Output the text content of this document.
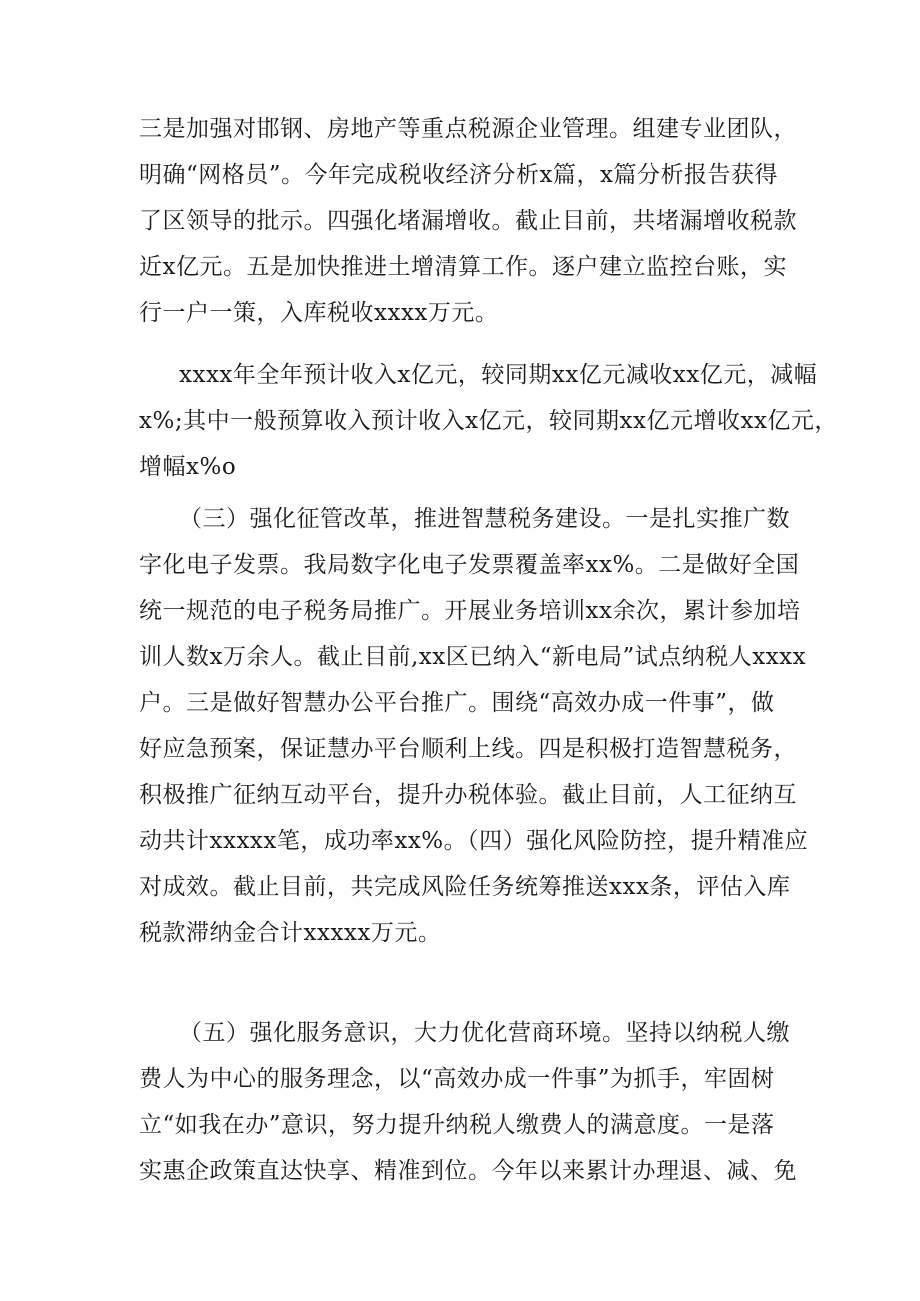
三是加强对邯钢、房地产等重点税源企业管理。组建专业团队，
明确“网格员”。今年完成税收经济分析x篇，x篇分析报告获得
了区领导的批示。四强化堵漏增收。截止目前，共堵漏增收税款
近x亿元。五是加快推进土增清算工作。逐户建立监控台账，实
行一户一策，入库税收xxxx万元。
xxxx年全年预计收入x亿元，较同期xx亿元减收xx亿元，减幅
x%;其中一般预算收入预计收入x亿元，较同期xx亿元增收xx亿元，
增幅x%o
（三）强化征管改革，推进智慧税务建设。一是扎实推广数
字化电子发票。我局数字化电子发票覆盖率xx%。二是做好全国
统一规范的电子税务局推广。开展业务培训xx余次，累计参加培
训人数x万余人。截止目前,xx区已纳入“新电局”试点纳税人xxxx
户。三是做好智慧办公平台推广。围绕“高效办成一件事”，做
好应急预案，保证慧办平台顺利上线。四是积极打造智慧税务，
积极推广征纳互动平台，提升办税体验。截止目前，人工征纳互
动共计xxxxx笔，成功率xx%。（四）强化风险防控，提升精准应
对成效。截止目前，共完成风险任务统筹推送xxx条，评估入库
税款滞纳金合计xxxxx万元。
（五）强化服务意识，大力优化营商环境。坚持以纳税人缴
费人为中心的服务理念，以“高效办成一件事”为抓手，牢固树
立“如我在办”意识，努力提升纳税人缴费人的满意度。一是落
实惠企政策直达快享、精准到位。今年以来累计办理退、减、免
